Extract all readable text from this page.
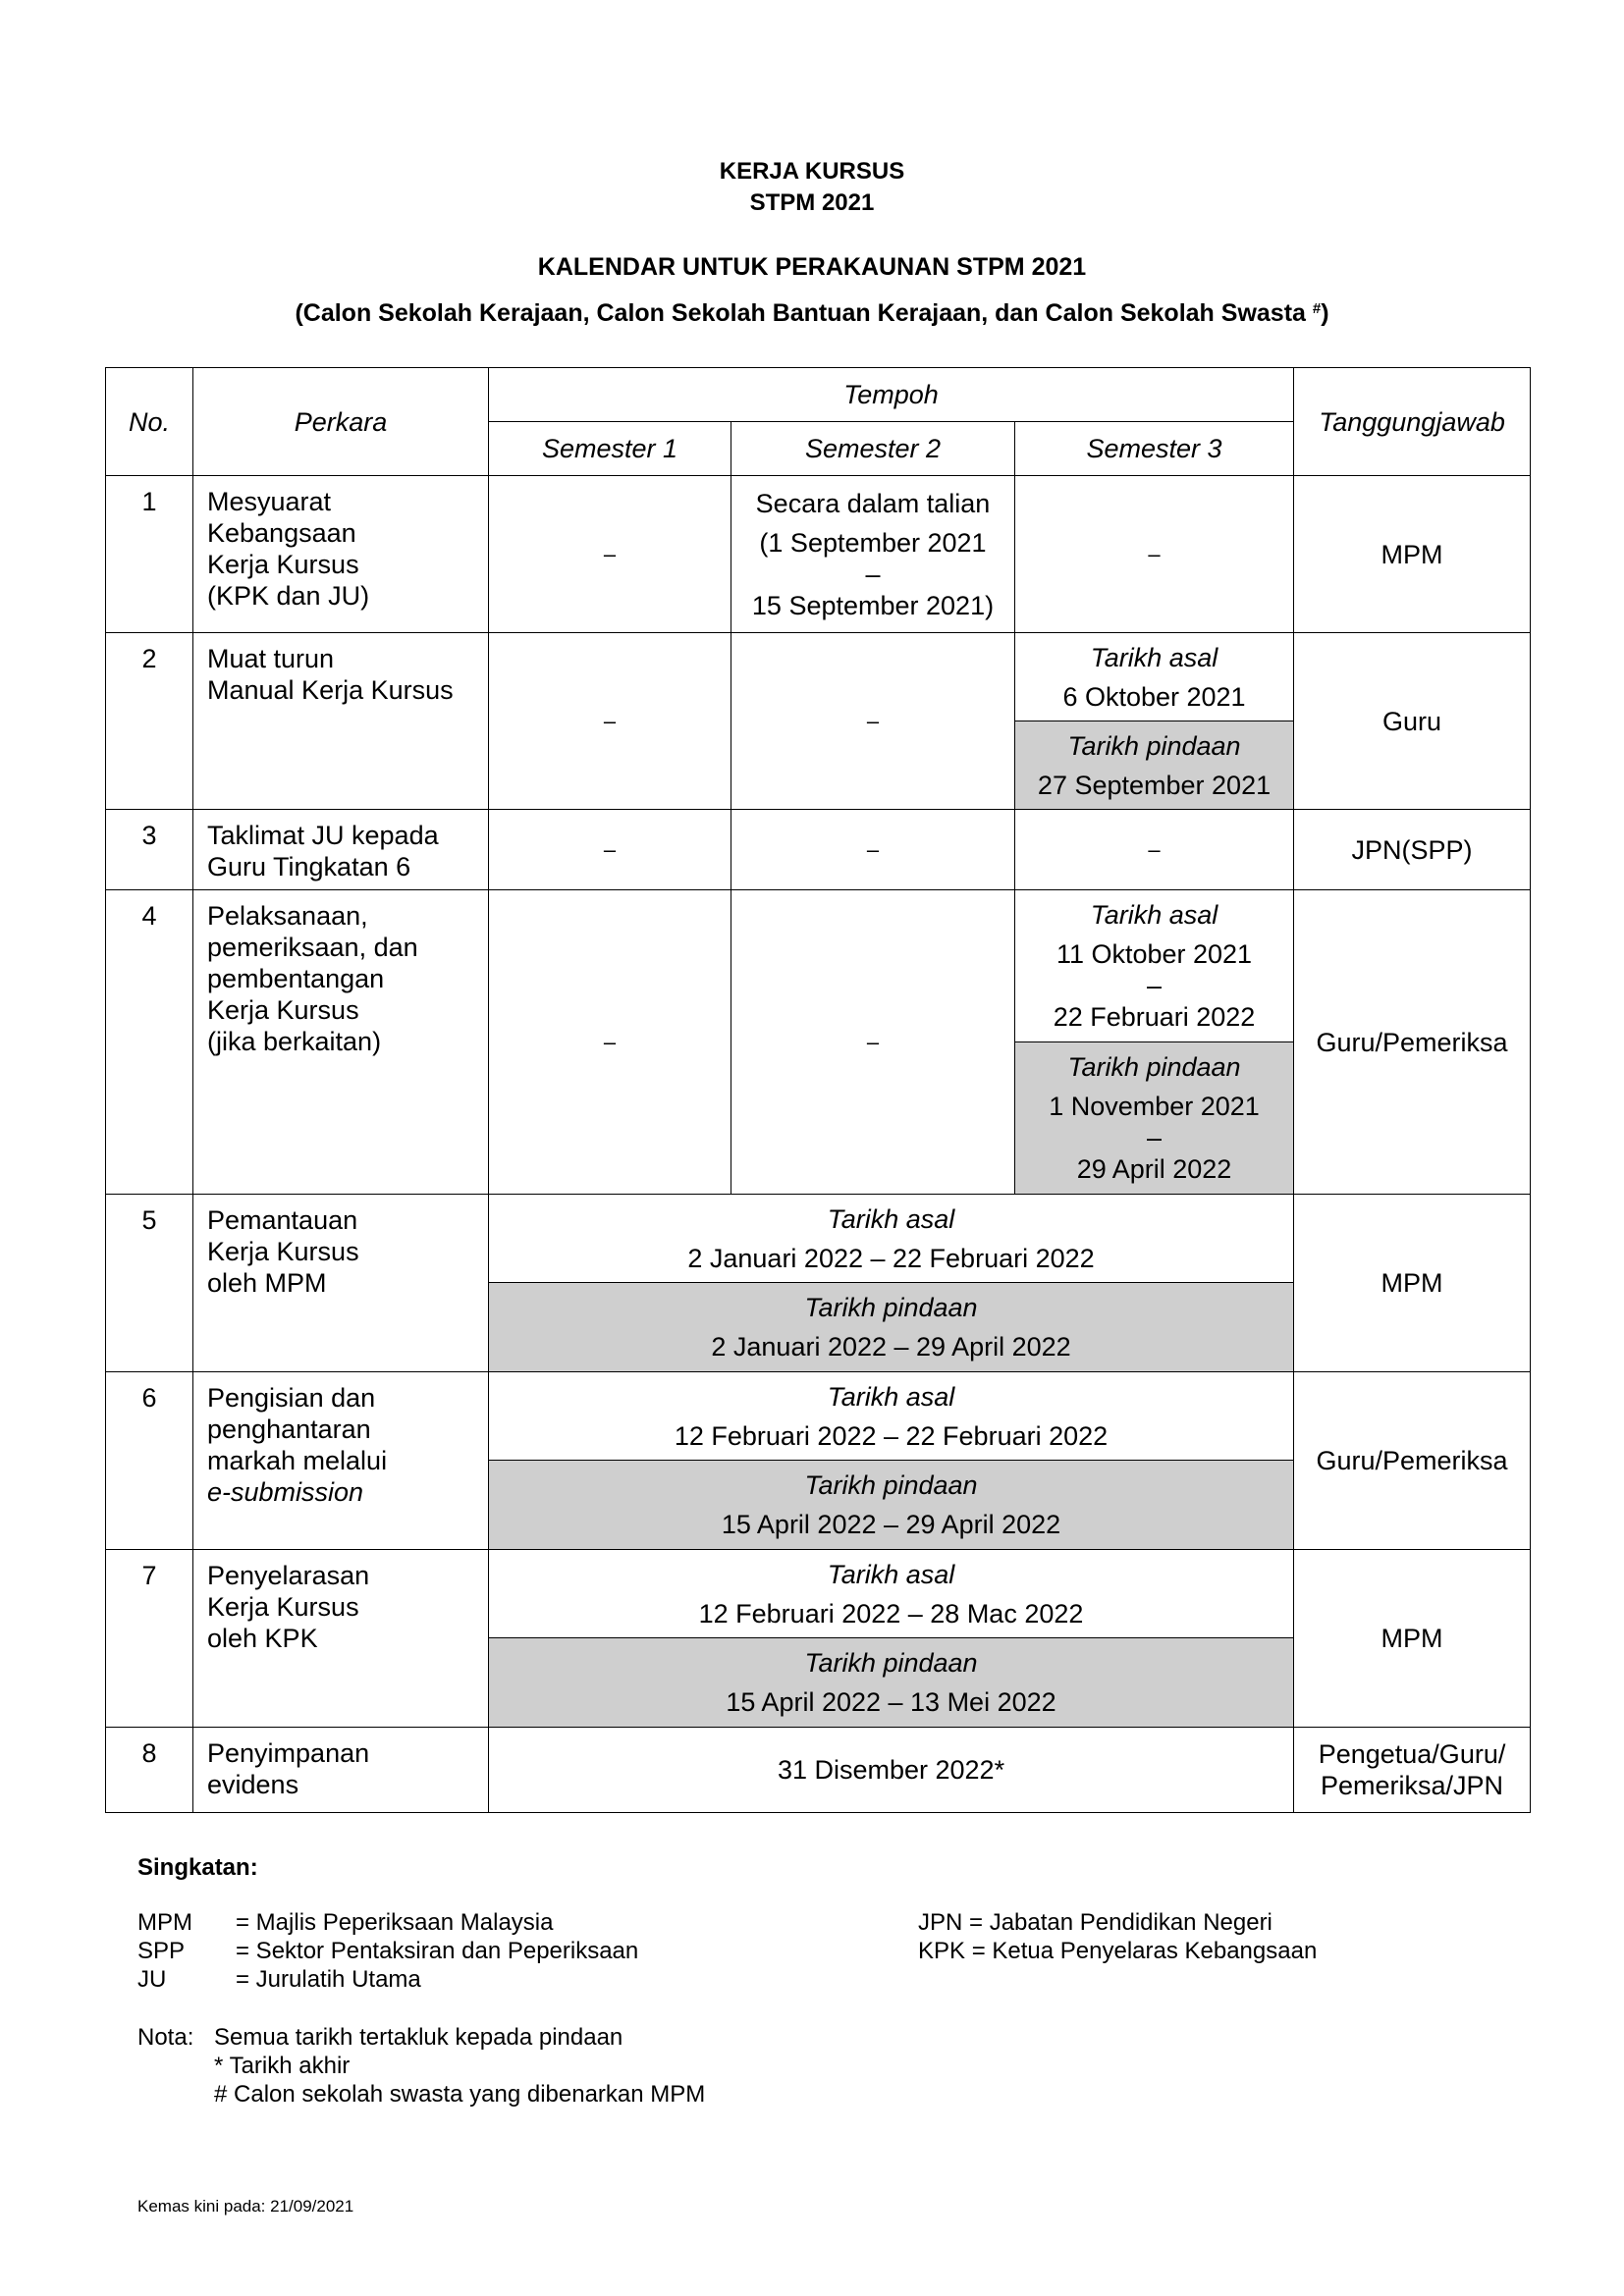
KERJA KURSUS
STPM 2021
KALENDAR UNTUK PERAKAUNAN STPM 2021
(Calon Sekolah Kerajaan, Calon Sekolah Bantuan Kerajaan, dan Calon Sekolah Swasta #)
No.	Perkara	Tempoh			Tanggungjawab
		Semester 1	Semester 2	Semester 3	
1	Mesyuarat
Kebangsaan
Kerja Kursus
(KPK dan JU)	–	Secara dalam talian
(1 September 2021
–
15 September 2021)	–	MPM
2	Muat turun
Manual Kerja Kursus	–	–	Tarikh asal
6 Oktober 2021	Guru

				Tarikh pindaan
27 September 2021	

3	Taklimat JU kepada
Guru Tingkatan 6	–	–	–	JPN(SPP)
4	Pelaksanaan,
pemeriksaan, dan
pembentangan
Kerja Kursus
(jika berkaitan)	–	–	Tarikh asal
11 Oktober 2021
–
22 Februari 2022	Guru/Pemeriksa

				Tarikh pindaan
1 November 2021
–
29 April 2022	

5	Pemantauan
Kerja Kursus
oleh MPM	Tarikh asal
2 Januari 2022 – 22 Februari 2022			MPM

		Tarikh pindaan
2 Januari 2022 – 29 April 2022			

6	Pengisian dan
penghantaran
markah melalui
e-submission	Tarikh asal
12 Februari 2022 – 22 Februari 2022			Guru/Pemeriksa

		Tarikh pindaan
15 April 2022 – 29 April 2022			

7	Penyelarasan
Kerja Kursus
oleh KPK	Tarikh asal
12 Februari 2022 – 28 Mac 2022			MPM

		Tarikh pindaan
15 April 2022 – 13 Mei 2022			

8	Penyimpanan
evidens	31 Disember 2022*			Pengetua/Guru/
Pemeriksa/JPN
Singkatan:
MPM = Majlis Peperiksaan Malaysia
SPP = Sektor Pentaksiran dan Peperiksaan
JU	= Jurulatih Utama
JPN = Jabatan Pendidikan Negeri
KPK = Ketua Penyelaras Kebangsaan
Nota: Semua tarikh tertakluk kepada pindaan
* Tarikh akhir
# Calon sekolah swasta yang dibenarkan MPM
Kemas kini pada: 21/09/2021
